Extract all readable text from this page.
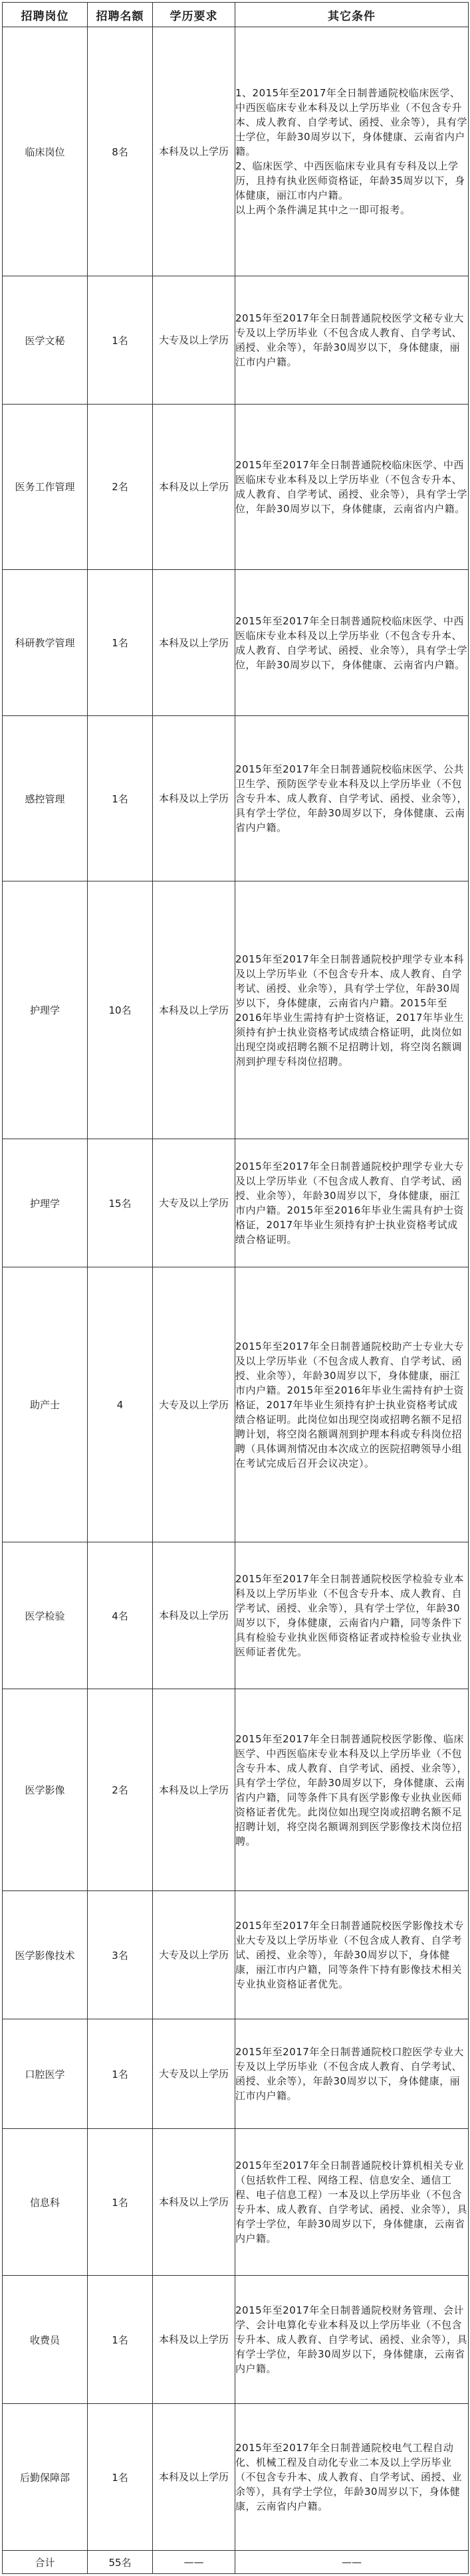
招聘岗位	招聘名额	学历要求	其它条件
临床岗位	8名	本科及以上学历	1、2015年至2017年全日制普通院校临床医学、中西医临床专业本科及以上学历毕业（不包含专升本、成人教育、自学考试、函授、业余等），具有学士学位，年龄30周岁以下，身体健康、云南省内户籍。
2、临床医学、中西医临床专业具有专科及以上学历，且持有执业医师资格证，年龄35周岁以下，身体健康，丽江市内户籍。
以上两个条件满足其中之一即可报考。

医学文秘	1名	大专及以上学历	2015年至2017年全日制普通院校医学文秘专业大专及以上学历毕业（不包含成人教育、自学考试、函授、业余等），年龄30周岁以下，身体健康，丽江市内户籍。

医务工作管理	2名	本科及以上学历	2015年至2017年全日制普通院校临床医学、中西医临床专业本科及以上学历毕业（不包含专升本、成人教育、自学考试、函授、业余等），具有学士学位，年龄30周岁以下，身体健康，云南省内户籍。

科研教学管理	1名	本科及以上学历	2015年至2017年全日制普通院校临床医学、中西医临床专业本科及以上学历毕业（不包含专升本、成人教育、自学考试、函授、业余等），具有学士学位，年龄30周岁以下，身体健康、云南省内户籍。

感控管理	1名	本科及以上学历	2015年至2017年全日制普通院校临床医学、公共卫生学、预防医学专业本科及以上学历毕业（不包含专升本、成人教育、自学考试、函授、业余等），具有学士学位，年龄30周岁以下，身体健康、云南省内户籍。

护理学	10名	本科及以上学历	2015年至2017年全日制普通院校护理学专业本科及以上学历毕业（不包含专升本、成人教育、自学考试、函授、业余等），具有学士学位，年龄30周岁以下，身体健康，云南省内户籍。2015年至2016年毕业生需持有护士资格证，2017年毕业生须持有护士执业资格考试成绩合格证明，此岗位如出现空岗或招聘名额不足招聘计划，将空岗名额调剂到护理专科岗位招聘。

护理学	15名	大专及以上学历	2015年至2017年全日制普通院校护理学专业大专及以上学历毕业（不包含成人教育、自学考试、函授、业余等），年龄30周岁以下，身体健康，丽江市内户籍。2015年至2016年毕业生需具有护士资格证，2017年毕业生须持有护士执业资格考试成绩合格证明。

助产士	4	大专及以上学历	2015年至2017年全日制普通院校助产士专业大专及以上学历毕业（不包含成人教育、自学考试、函授、业余等），年龄30周岁以下，身体健康，丽江市内户籍。2015年至2016年毕业生需持有护士资格证，2017年毕业生须持有护士执业资格考试成绩合格证明。此岗位如出现空岗或招聘名额不足招聘计划，将空岗名额调剂到护理本科或专科岗位招聘（具体调剂情况由本次成立的医院招聘领导小组在考试完成后召开会议决定）。

医学检验	4名	本科及以上学历	2015年至2017年全日制普通院校医学检验专业本科及以上学历毕业（不包含专升本、成人教育、自学考试、函授、业余等），具有学士学位，年龄30周岁以下，身体健康，云南省内户籍，同等条件下具有检验专业执业医师资格证者或持检验专业执业医师证者优先。

医学影像	2名	本科及以上学历	2015年至2017年全日制普通院校医学影像、临床医学、中西医临床专业本科及以上学历毕业（不包含专升本、成人教育、自学考试、函授、业余等），具有学士学位，年龄30周岁以下，身体健康、云南省内户籍，同等条件下具有医学影像专业执业医师资格证者优先。此岗位如出现空岗或招聘名额不足招聘计划，将空岗名额调剂到医学影像技术岗位招聘。

医学影像技术	3名	大专及以上学历	2015年至2017年全日制普通院校医学影像技术专业大专及以上学历毕业（不包含成人教育、自学考试、函授、业余等），年龄30周岁以下，身体健康，丽江市内户籍，同等条件下持有影像技术相关专业执业资格证者优先。

口腔医学	1名	大专及以上学历	2015年至2017年全日制普通院校口腔医学专业大专及以上学历毕业（不包含成人教育、自学考试、函授、业余等），年龄30周岁以下，身体健康，丽江市内户籍。

信息科	1名	本科及以上学历	2015年至2017年全日制普通院校计算机相关专业（包括软件工程、网络工程、信息安全、通信工程、电子信息工程）一本及以上学历毕业（不包含专升本、成人教育、自学考试、函授、业余等），具有学士学位，年龄30周岁以下，身体健康，云南省内户籍。

收费员	1名	本科及以上学历	2015年至2017年全日制普通院校财务管理、会计学、会计电算化专业本科及以上学历毕业（不包含专升本、成人教育、自学考试、函授、业余等），具有学士学位，年龄30周岁以下，身体健康，云南省内户籍。

后勤保障部	1名	本科及以上学历	2015年至2017年全日制普通院校电气工程自动化、机械工程及自动化专业二本及以上学历毕业（不包含专升本、成人教育、自学考试、函授、业余等），具有学士学位，年龄30周岁以下，身体健康，云南省内户籍。

合计	55名	——	——
